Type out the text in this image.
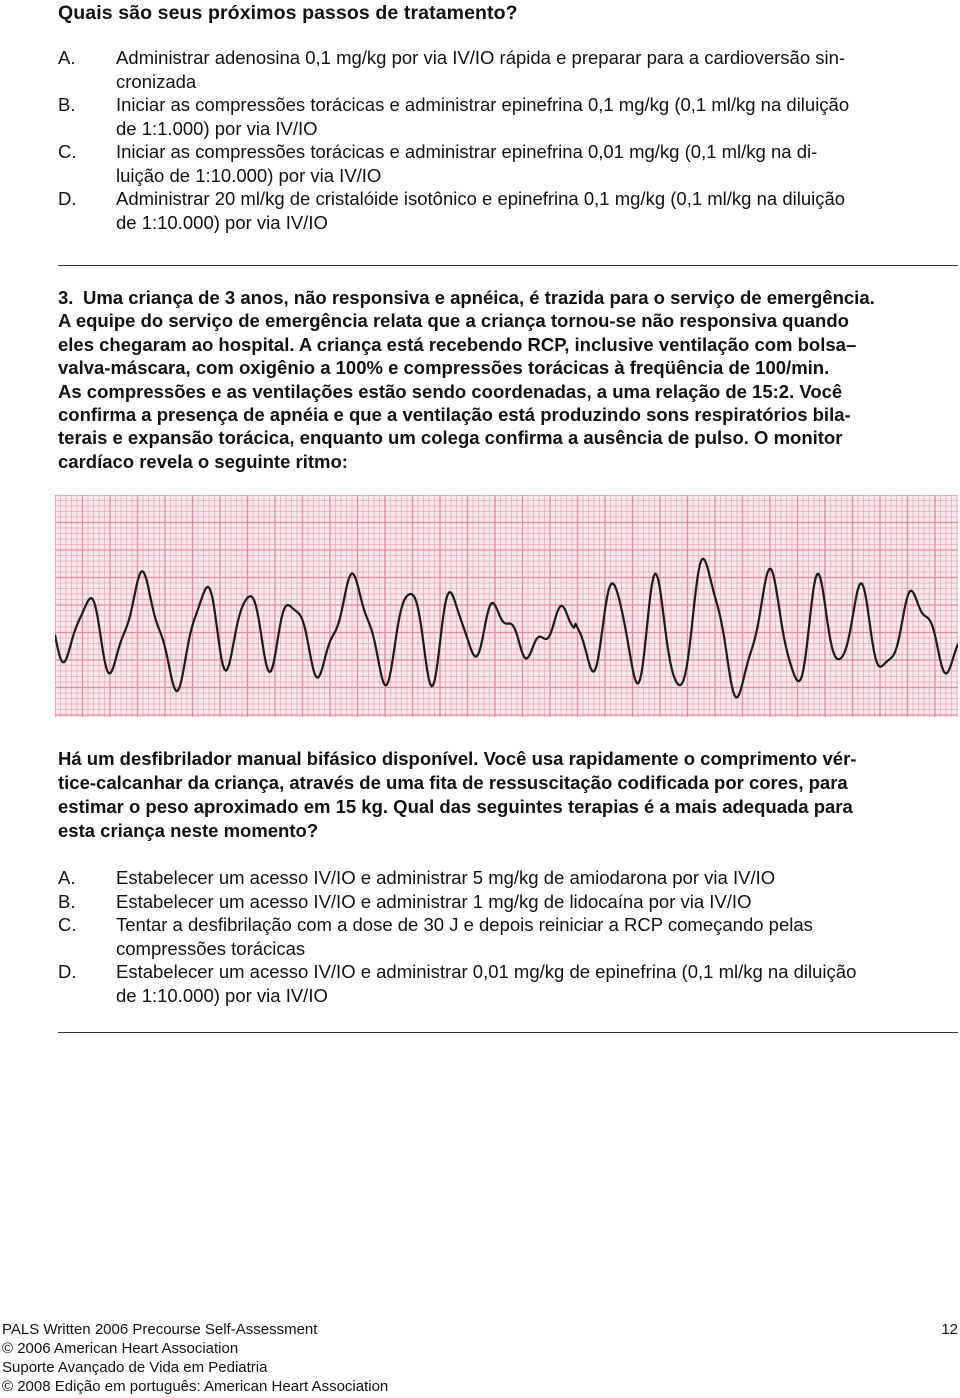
Quais são seus próximos passos de tratamento?
A. Administrar adenosina 0,1 mg/kg por via IV/IO rápida e preparar para a cardioversão sin-
cronizada
B. Iniciar as compressões torácicas e administrar epinefrina 0,1 mg/kg (0,1 ml/kg na diluição
de 1:1.000) por via IV/IO
C. Iniciar as compressões torácicas e administrar epinefrina 0,01 mg/kg (0,1 ml/kg na di-
luição de 1:10.000) por via IV/IO
D. Administrar 20 ml/kg de cristalóide isotônico e epinefrina 0,1 mg/kg (0,1 ml/kg na diluição
de 1:10.000) por via IV/IO
3. Uma criança de 3 anos, não responsiva e apnéica, é trazida para o serviço de emergência.
A equipe do serviço de emergência relata que a criança tornou-se não responsiva quando
eles chegaram ao hospital. A criança está recebendo RCP, inclusive ventilação com bolsa–
valva-máscara, com oxigênio a 100% e compressões torácicas à freqüência de 100/min.
As compressões e as ventilações estão sendo coordenadas, a uma relação de 15:2. Você
confirma a presença de apnéia e que a ventilação está produzindo sons respiratórios bila-
terais e expansão torácica, enquanto um colega confirma a ausência de pulso. O monitor
cardíaco revela o seguinte ritmo:
Há um desfibrilador manual bifásico disponível. Você usa rapidamente o comprimento vér-
tice-calcanhar da criança, através de uma fita de ressuscitação codificada por cores, para
estimar o peso aproximado em 15 kg. Qual das seguintes terapias é a mais adequada para
esta criança neste momento?
A. Estabelecer um acesso IV/IO e administrar 5 mg/kg de amiodarona por via IV/IO
B. Estabelecer um acesso IV/IO e administrar 1 mg/kg de lidocaína por via IV/IO
C. Tentar a desfibrilação com a dose de 30 J e depois reiniciar a RCP começando pelas
compressões torácicas
D. Estabelecer um acesso IV/IO e administrar 0,01 mg/kg de epinefrina (0,1 ml/kg na diluição
de 1:10.000) por via IV/IO
PALS Written 2006 Precourse Self-Assessment	12
© 2006 American Heart Association
Suporte Avançado de Vida em Pediatria
© 2008 Edição em português: American Heart Association
